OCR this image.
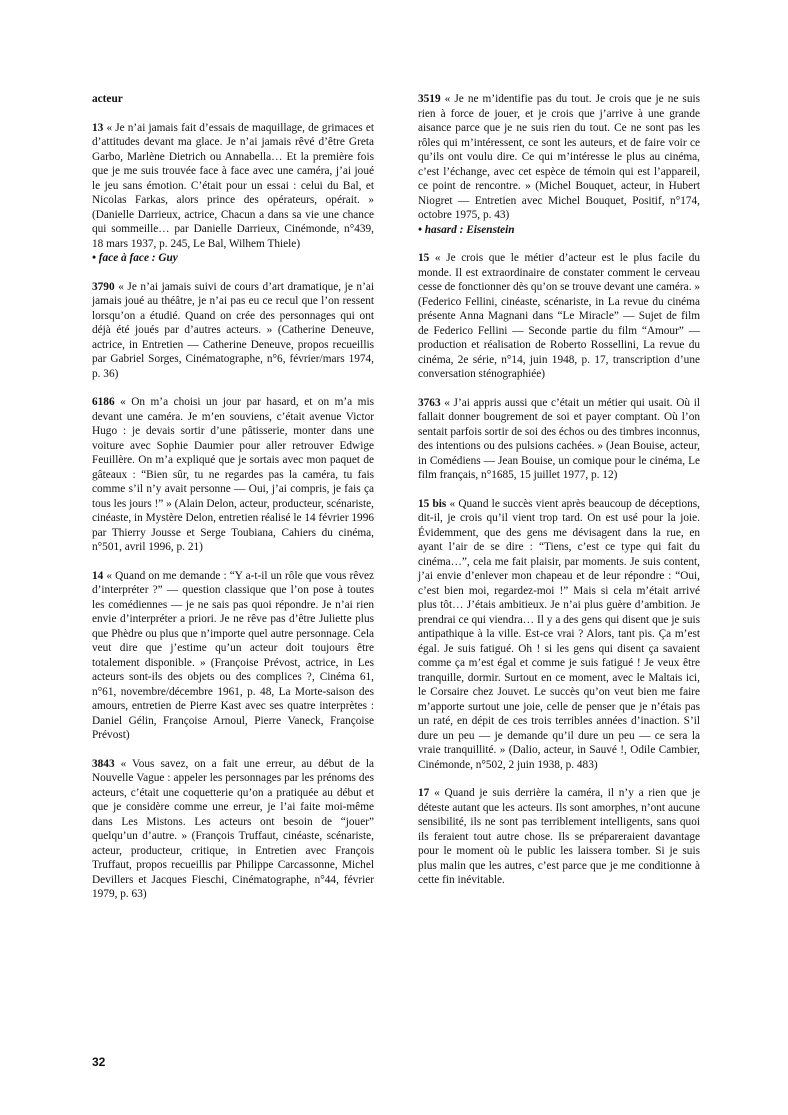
acteur
13 « Je n’ai jamais fait d’essais de maquillage, de grimaces et d’attitudes devant ma glace. Je n’ai jamais rêvé d’être Greta Garbo, Marlène Dietrich ou Annabella… Et la première fois que je me suis trouvée face à face avec une caméra, j’ai joué le jeu sans émotion. C’était pour un essai : celui du Bal, et Nicolas Farkas, alors prince des opérateurs, opérait. » (Danielle Darrieux, actrice, Chacun a dans sa vie une chance qui sommeille… par Danielle Darrieux, Cinémonde, n°439, 18 mars 1937, p. 245, Le Bal, Wilhem Thiele)
• face à face : Guy
3790 « Je n’ai jamais suivi de cours d’art dramatique, je n’ai jamais joué au théâtre, je n’ai pas eu ce recul que l’on ressent lorsqu’on a étudié. Quand on crée des personnages qui ont déjà été joués par d’autres acteurs. » (Catherine Deneuve, actrice, in Entretien — Catherine Deneuve, propos recueillis par Gabriel Sorges, Cinématographe, n°6, février/mars 1974, p. 36)
6186 « On m’a choisi un jour par hasard, et on m’a mis devant une caméra. Je m’en souviens, c’était avenue Victor Hugo : je devais sortir d’une pâtisserie, monter dans une voiture avec Sophie Daumier pour aller retrouver Edwige Feuillère. On m’a expliqué que je sortais avec mon paquet de gâteaux : “Bien sûr, tu ne regardes pas la caméra, tu fais comme s’il n’y avait personne — Oui, j’ai compris, je fais ça tous les jours !” » (Alain Delon, acteur, producteur, scénariste, cinéaste, in Mystère Delon, entretien réalisé le 14 février 1996 par Thierry Jousse et Serge Toubiana, Cahiers du cinéma, n°501, avril 1996, p. 21)
14 « Quand on me demande : “Y a-t-il un rôle que vous rêvez d’interpréter ?” — question classique que l’on pose à toutes les comédiennes — je ne sais pas quoi répondre. Je n’ai rien envie d’interpréter a priori. Je ne rêve pas d’être Juliette plus que Phèdre ou plus que n’importe quel autre personnage. Cela veut dire que j’estime qu’un acteur doit toujours être totalement disponible. » (Françoise Prévost, actrice, in Les acteurs sont-ils des objets ou des complices ?, Cinéma 61, n°61, novembre/décembre 1961, p. 48, La Morte-saison des amours, entretien de Pierre Kast avec ses quatre interprètes : Daniel Gélin, Françoise Arnoul, Pierre Vaneck, Françoise Prévost)
3843 « Vous savez, on a fait une erreur, au début de la Nouvelle Vague : appeler les personnages par les prénoms des acteurs, c’était une coquetterie qu’on a pratiquée au début et que je considère comme une erreur, je l’ai faite moi-même dans Les Mistons. Les acteurs ont besoin de “jouer” quelqu’un d’autre. » (François Truffaut, cinéaste, scénariste, acteur, producteur, critique, in Entretien avec François Truffaut, propos recueillis par Philippe Carcassonne, Michel Devillers et Jacques Fieschi, Cinématographe, n°44, février 1979, p. 63)
3519 « Je ne m’identifie pas du tout. Je crois que je ne suis rien à force de jouer, et je crois que j’arrive à une grande aisance parce que je ne suis rien du tout. Ce ne sont pas les rôles qui m’intéressent, ce sont les auteurs, et de faire voir ce qu’ils ont voulu dire. Ce qui m’intéresse le plus au cinéma, c’est l’échange, avec cet espèce de témoin qui est l’appareil, ce point de rencontre. » (Michel Bouquet, acteur, in Hubert Niogret — Entretien avec Michel Bouquet, Positif, n°174, octobre 1975, p. 43)
• hasard : Eisenstein
15 « Je crois que le métier d’acteur est le plus facile du monde. Il est extraordinaire de constater comment le cerveau cesse de fonctionner dès qu’on se trouve devant une caméra. » (Federico Fellini, cinéaste, scénariste, in La revue du cinéma présente Anna Magnani dans “Le Miracle” — Sujet de film de Federico Fellini — Seconde partie du film “Amour” — production et réalisation de Roberto Rossellini, La revue du cinéma, 2e série, n°14, juin 1948, p. 17, transcription d’une conversation sténographiée)
3763 « J’ai appris aussi que c’était un métier qui usait. Où il fallait donner bougrement de soi et payer comptant. Où l’on sentait parfois sortir de soi des échos ou des timbres inconnus, des intentions ou des pulsions cachées. » (Jean Bouise, acteur, in Comédiens — Jean Bouise, un comique pour le cinéma, Le film français, n°1685, 15 juillet 1977, p. 12)
15 bis « Quand le succès vient après beaucoup de déceptions, dit-il, je crois qu’il vient trop tard. On est usé pour la joie. Évidemment, que des gens me dévisagent dans la rue, en ayant l’air de se dire : “Tiens, c’est ce type qui fait du cinéma…”, cela me fait plaisir, par moments. Je suis content, j’ai envie d’enlever mon chapeau et de leur répondre : “Oui, c’est bien moi, regardez-moi !” Mais si cela m’était arrivé plus tôt… J’étais ambitieux. Je n’ai plus guère d’ambition. Je prendrai ce qui viendra… Il y a des gens qui disent que je suis antipathique à la ville. Est-ce vrai ? Alors, tant pis. Ça m’est égal. Je suis fatigué. Oh ! si les gens qui disent ça savaient comme ça m’est égal et comme je suis fatigué ! Je veux être tranquille, dormir. Surtout en ce moment, avec le Maltais ici, le Corsaire chez Jouvet. Le succès qu’on veut bien me faire m’apporte surtout une joie, celle de penser que je n’étais pas un raté, en dépit de ces trois terribles années d’inaction. S’il dure un peu — je demande qu’il dure un peu — ce sera la vraie tranquillité. » (Dalio, acteur, in Sauvé !, Odile Cambier, Cinémonde, n°502, 2 juin 1938, p. 483)
17 « Quand je suis derrière la caméra, il n’y a rien que je déteste autant que les acteurs. Ils sont amorphes, n’ont aucune sensibilité, ils ne sont pas terriblement intelligents, sans quoi ils feraient tout autre chose. Ils se prépareraient davantage pour le moment où le public les laissera tomber. Si je suis plus malin que les autres, c’est parce que je me conditionne à cette fin inévitable.
32
